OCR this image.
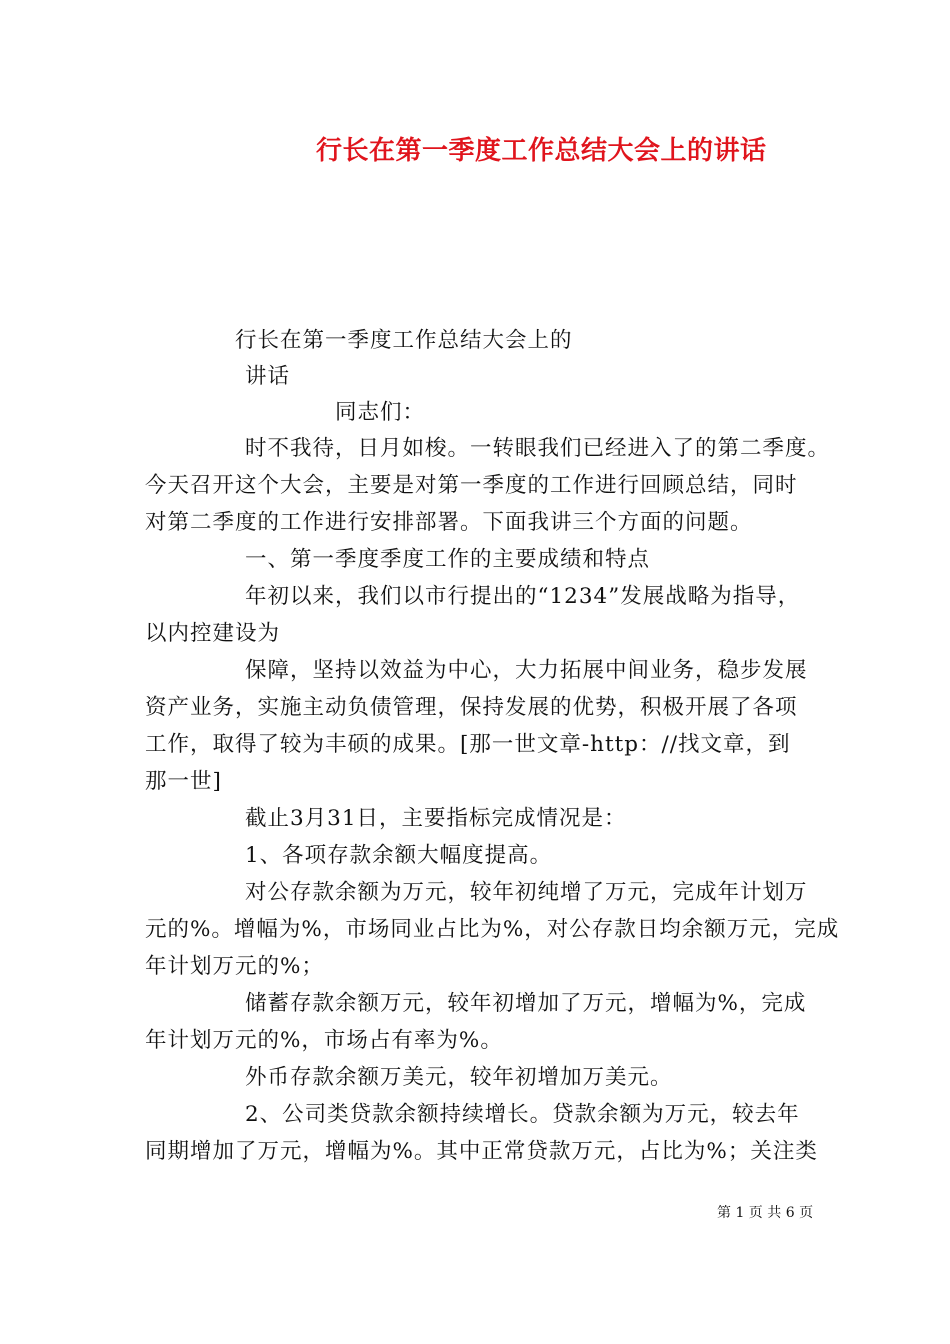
行长在第一季度工作总结大会上的讲话
行长在第一季度工作总结大会上的
讲话
同志们：
时不我待，日月如梭。一转眼我们已经进入了的第二季度。
今天召开这个大会，主要是对第一季度的工作进行回顾总结，同时
对第二季度的工作进行安排部署。下面我讲三个方面的问题。
一、第一季度季度工作的主要成绩和特点
年初以来，我们以市行提出的“1234”发展战略为指导，
以内控建设为
保障，坚持以效益为中心，大力拓展中间业务，稳步发展
资产业务，实施主动负债管理，保持发展的优势，积极开展了各项
工作，取得了较为丰硕的成果。[那一世文章-http：//找文章，到
那一世]
截止3月31日，主要指标完成情况是：
1、各项存款余额大幅度提高。
对公存款余额为万元，较年初纯增了万元，完成年计划万
元的%。增幅为%，市场同业占比为%，对公存款日均余额万元，完成
年计划万元的%；
储蓄存款余额万元，较年初增加了万元，增幅为%，完成
年计划万元的%，市场占有率为%。
外币存款余额万美元，较年初增加万美元。
2、公司类贷款余额持续增长。贷款余额为万元，较去年
同期增加了万元，增幅为%。其中正常贷款万元，占比为%；关注类
第 1 页 共 6 页
